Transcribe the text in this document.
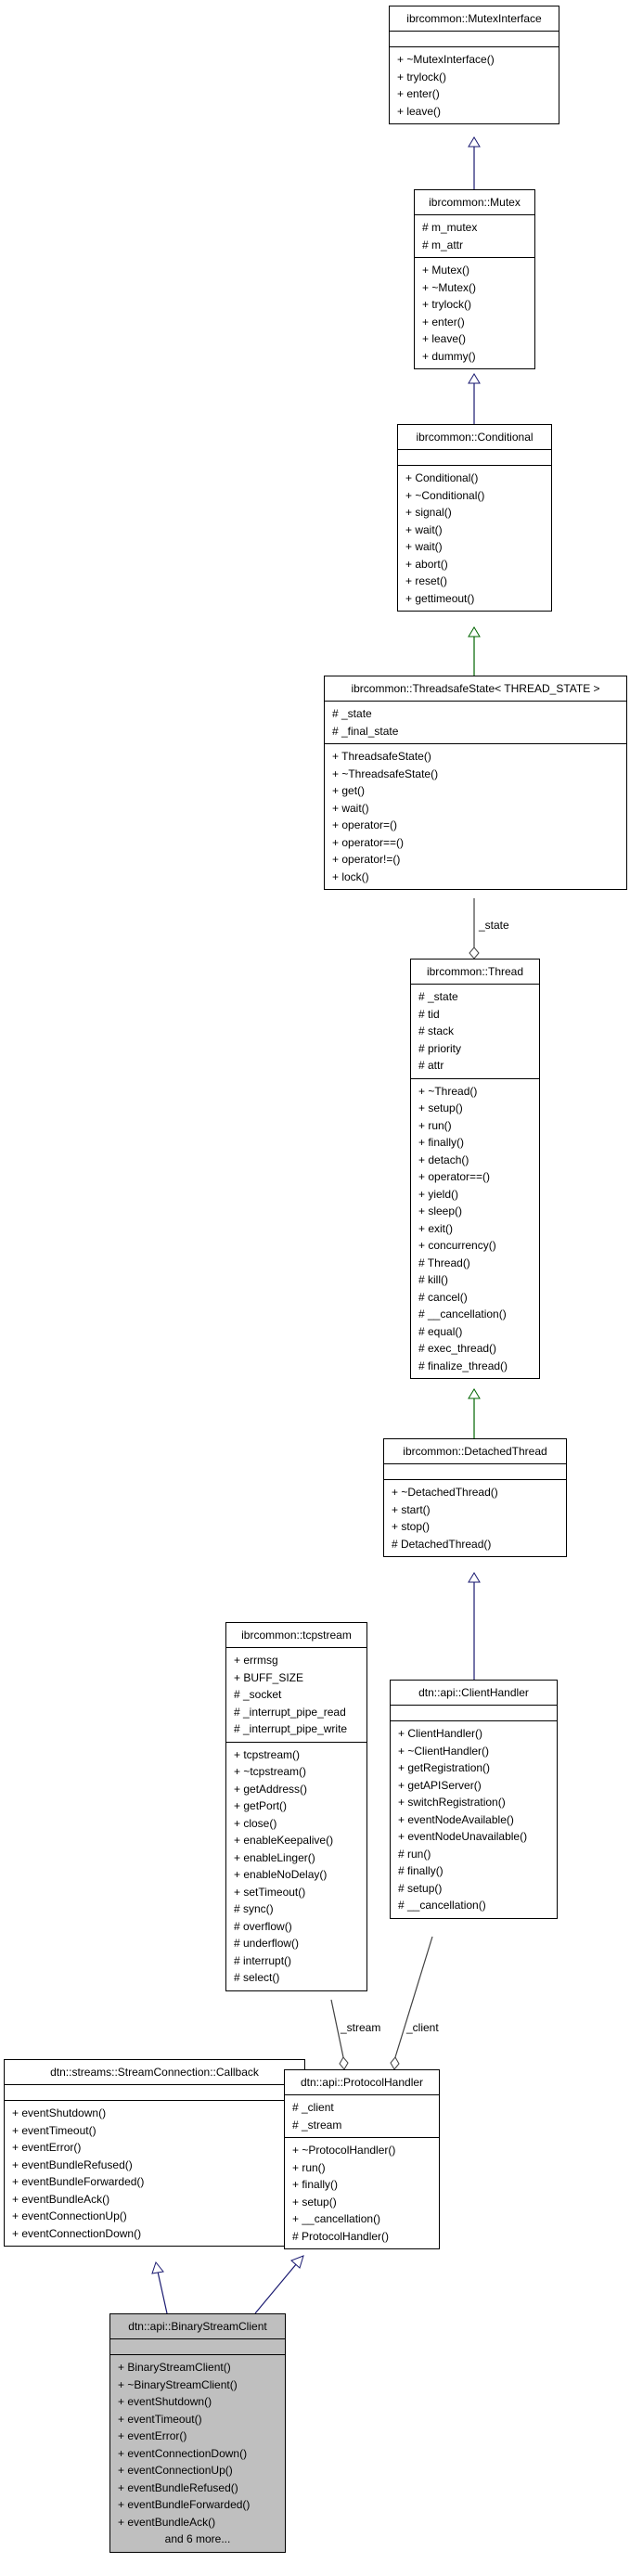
ibrcommon::MutexInterface
+ ~MutexInterface()
+ trylock()
+ enter()
+ leave()
ibrcommon::Mutex
# m_mutex
# m_attr
+ Mutex()
+ ~Mutex()
+ trylock()
+ enter()
+ leave()
+ dummy()
ibrcommon::Conditional
+ Conditional()
+ ~Conditional()
+ signal()
+ wait()
+ wait()
+ abort()
+ reset()
+ gettimeout()
ibrcommon::ThreadsafeState< THREAD_STATE >
# _state
# _final_state
+ ThreadsafeState()
+ ~ThreadsafeState()
+ get()
+ wait()
+ operator=()
+ operator==()
+ operator!=()
+ lock()
ibrcommon::Thread
# _state
# tid
# stack
# priority
# attr
+ ~Thread()
+ setup()
+ run()
+ finally()
+ detach()
+ operator==()
+ yield()
+ sleep()
+ exit()
+ concurrency()
# Thread()
# kill()
# cancel()
# __cancellation()
# equal()
# exec_thread()
# finalize_thread()
ibrcommon::DetachedThread
+ ~DetachedThread()
+ start()
+ stop()
# DetachedThread()
ibrcommon::tcpstream
+ errmsg
+ BUFF_SIZE
# _socket
# _interrupt_pipe_read
# _interrupt_pipe_write
+ tcpstream()
+ ~tcpstream()
+ getAddress()
+ getPort()
+ close()
+ enableKeepalive()
+ enableLinger()
+ enableNoDelay()
+ setTimeout()
# sync()
# overflow()
# underflow()
# interrupt()
# select()
dtn::api::ClientHandler
+ ClientHandler()
+ ~ClientHandler()
+ getRegistration()
+ getAPIServer()
+ switchRegistration()
+ eventNodeAvailable()
+ eventNodeUnavailable()
# run()
# finally()
# setup()
# __cancellation()
dtn::streams::StreamConnection::Callback
+ eventShutdown()
+ eventTimeout()
+ eventError()
+ eventBundleRefused()
+ eventBundleForwarded()
+ eventBundleAck()
+ eventConnectionUp()
+ eventConnectionDown()
dtn::api::ProtocolHandler
# _client
# _stream
+ ~ProtocolHandler()
+ run()
+ finally()
+ setup()
+ __cancellation()
# ProtocolHandler()
dtn::api::BinaryStreamClient
+ BinaryStreamClient()
+ ~BinaryStreamClient()
+ eventShutdown()
+ eventTimeout()
+ eventError()
+ eventConnectionDown()
+ eventConnectionUp()
+ eventBundleRefused()
+ eventBundleForwarded()
+ eventBundleAck()
and 6 more...
_state
_stream _client
